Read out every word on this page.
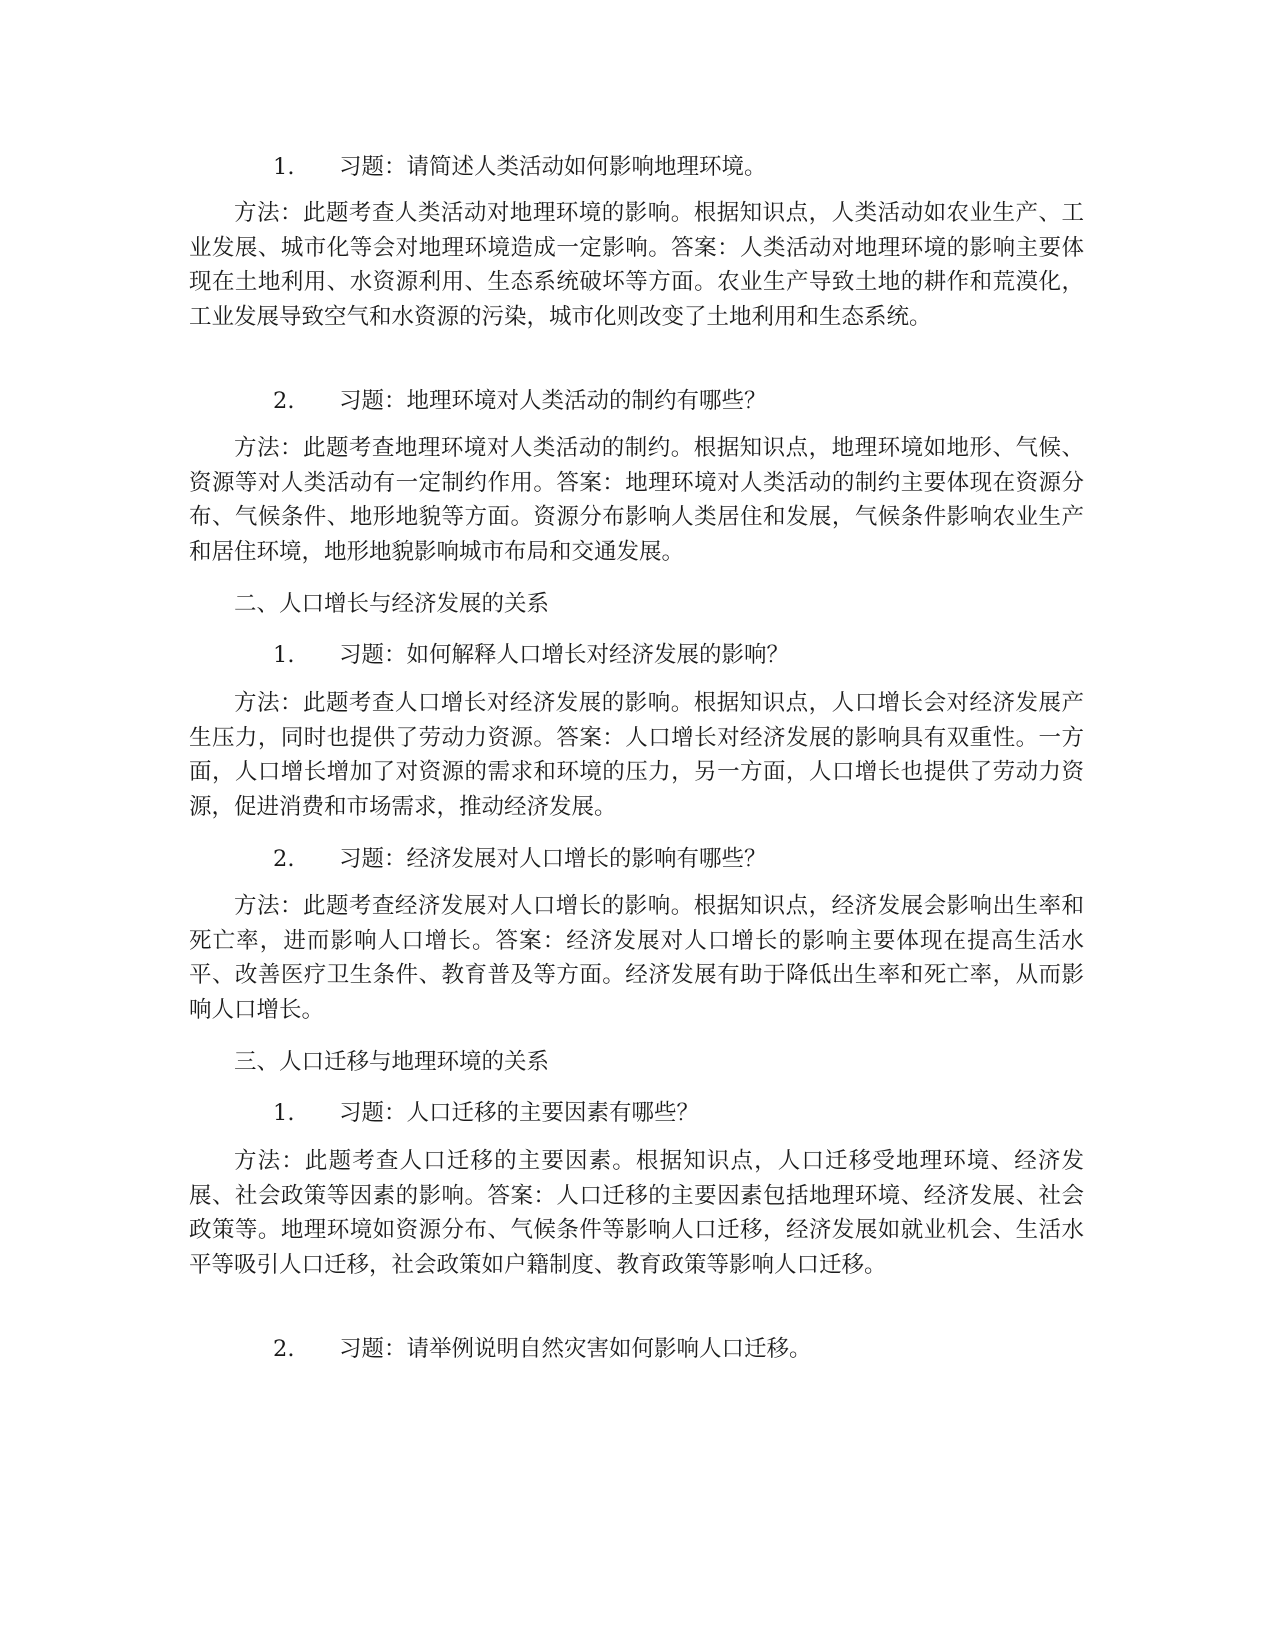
1. 习题：请简述人类活动如何影响地理环境。
方法：此题考查人类活动对地理环境的影响。根据知识点，人类活动如农业生产、工业发展、城市化等会对地理环境造成一定影响。答案：人类活动对地理环境的影响主要体现在土地利用、水资源利用、生态系统破坏等方面。农业生产导致土地的耕作和荒漠化，工业发展导致空气和水资源的污染，城市化则改变了土地利用和生态系统。
2. 习题：地理环境对人类活动的制约有哪些？
方法：此题考查地理环境对人类活动的制约。根据知识点，地理环境如地形、气候、资源等对人类活动有一定制约作用。答案：地理环境对人类活动的制约主要体现在资源分布、气候条件、地形地貌等方面。资源分布影响人类居住和发展，气候条件影响农业生产和居住环境，地形地貌影响城市布局和交通发展。
二、人口增长与经济发展的关系
1. 习题：如何解释人口增长对经济发展的影响？
方法：此题考查人口增长对经济发展的影响。根据知识点，人口增长会对经济发展产生压力，同时也提供了劳动力资源。答案：人口增长对经济发展的影响具有双重性。一方面，人口增长增加了对资源的需求和环境的压力，另一方面，人口增长也提供了劳动力资源，促进消费和市场需求，推动经济发展。
2. 习题：经济发展对人口增长的影响有哪些？
方法：此题考查经济发展对人口增长的影响。根据知识点，经济发展会影响出生率和死亡率，进而影响人口增长。答案：经济发展对人口增长的影响主要体现在提高生活水平、改善医疗卫生条件、教育普及等方面。经济发展有助于降低出生率和死亡率，从而影响人口增长。
三、人口迁移与地理环境的关系
1. 习题：人口迁移的主要因素有哪些？
方法：此题考查人口迁移的主要因素。根据知识点，人口迁移受地理环境、经济发展、社会政策等因素的影响。答案：人口迁移的主要因素包括地理环境、经济发展、社会政策等。地理环境如资源分布、气候条件等影响人口迁移，经济发展如就业机会、生活水平等吸引人口迁移，社会政策如户籍制度、教育政策等影响人口迁移。
2. 习题：请举例说明自然灾害如何影响人口迁移。
